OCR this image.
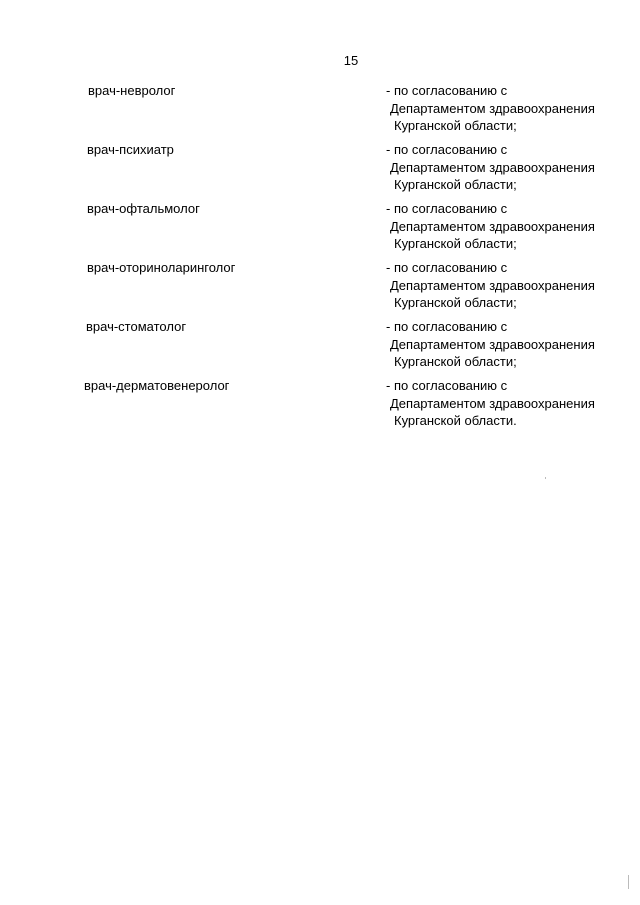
15
врач-невролог	- по согласованию с
Департаментом здравоохранения
Курганской области;
врач-психиатр	- по согласованию с
Департаментом здравоохранения
Курганской области;
врач-офтальмолог	- по согласованию с
Департаментом здравоохранения
Курганской области;
врач-оториноларинголог	- по согласованию с
Департаментом здравоохранения
Курганской области;
врач-стоматолог	- по согласованию с
Департаментом здравоохранения
Курганской области;
врач-дерматовенеролог	- по согласованию с
Департаментом здравоохранения
Курганской области.
